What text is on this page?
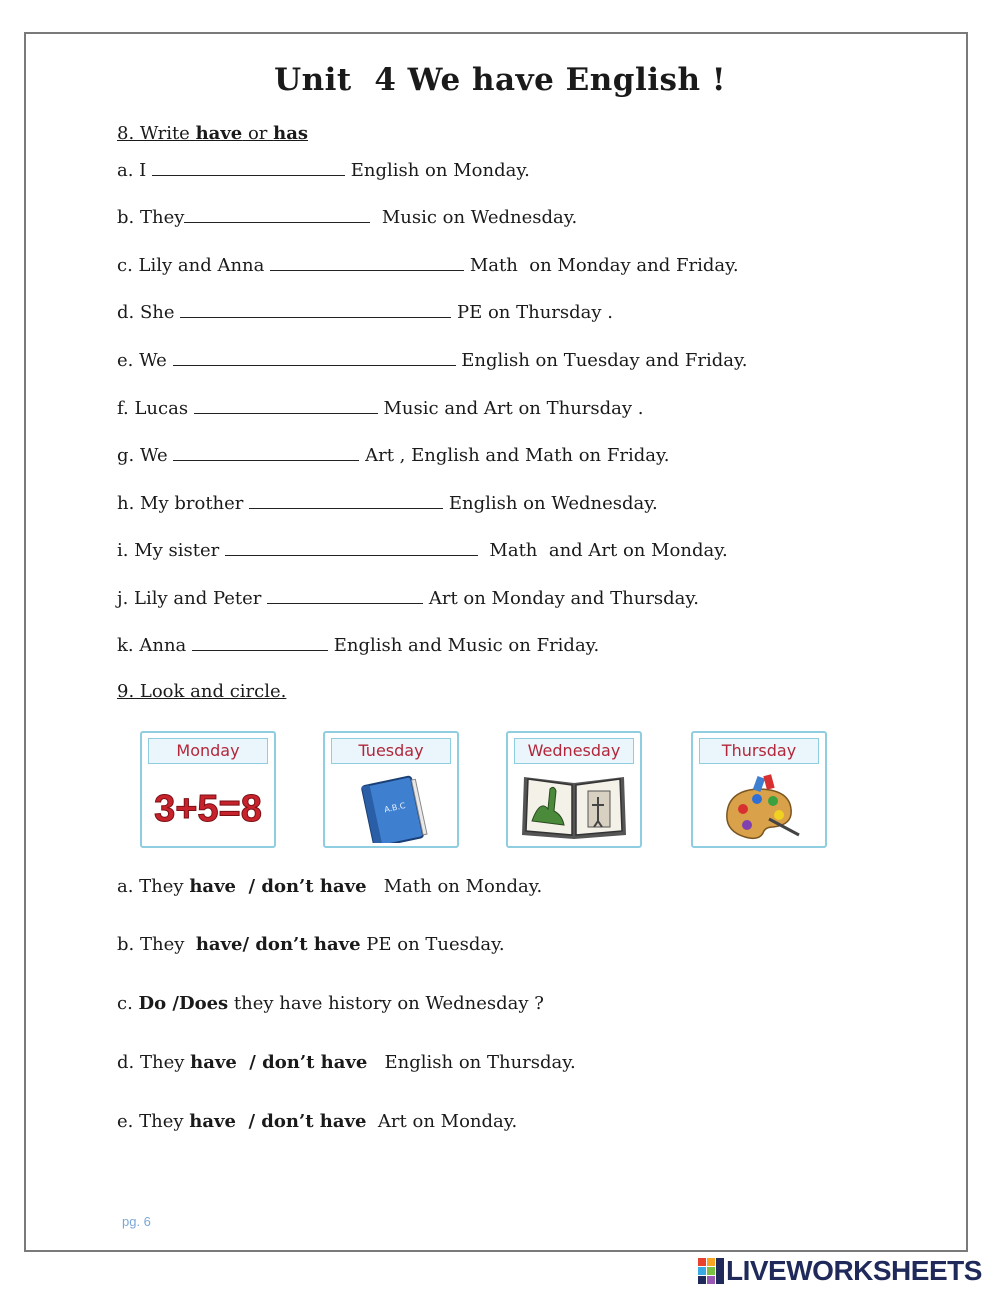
Unit  4 We have English !
8. Write have or has
a. I	English on Monday.
b. They	Music on Wednesday.
c. Lily and Anna	Math  on Monday and Friday.
d. She	PE on Thursday .
e. We	English on Tuesday and Friday.
f. Lucas	Music and Art on Thursday .
g. We	Art , English and Math on Friday.
h. My brother	English on Wednesday.
i. My sister	Math  and Art on Monday.
j. Lily and Peter	Art on Monday and Thursday.
k. Anna	English and Music on Friday.
9. Look and circle.
Monday
3+5=8
Tuesday
A.B.C
Wednesday	Thursday
a. They have  / don’t have   Math on Monday.
b. They  have/ don’t have PE on Tuesday.
c. Do /Does they have history on Wednesday ?
d. They have  / don’t have   English on Thursday.
e. They have  / don’t have  Art on Monday.
pg. 6
LIVEWORKSHEETS
